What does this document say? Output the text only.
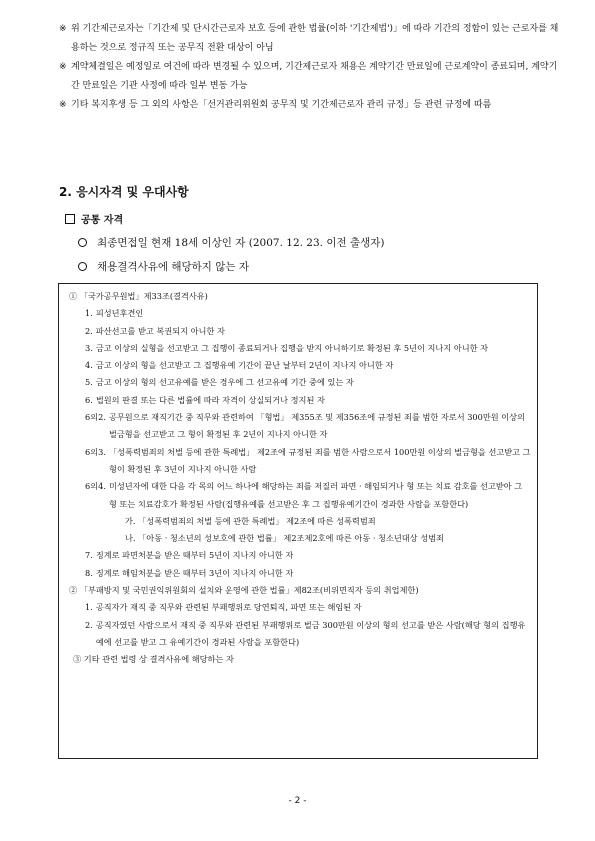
※ 위 기간제근로자는「기간제 및 단시간근로자 보호 등에 관한 법률(이하 '기간제법')」에 따라 기간의 정함이 있는 근로자를 채용하는 것으로 정규직 또는 공무직 전환 대상이 아님
※ 계약체결일은 예정일로 여건에 따라 변경될 수 있으며, 기간제근로자 채용은 계약기간 만료일에 근로계약이 종료되며, 계약기간 만료일은 기관 사정에 따라 일부 변동 가능
※ 기타 복지후생 등 그 외의 사항은「선거관리위원회 공무직 및 기간제근로자 관리 규정」등 관련 규정에 따름
2. 응시자격 및 우대사항
공통 자격
최종면접일 현재 18세 이상인 자 (2007. 12. 23. 이전 출생자)
채용결격사유에 해당하지 않는 자
① 「국가공무원법」제33조(결격사유)
1. 피성년후견인
2. 파산선고를 받고 복권되지 아니한 자
3. 금고 이상의 실형을 선고받고 그 집행이 종료되거나 집행을 받지 아니하기로 확정된 후 5년이 지나지 아니한 자
4. 금고 이상의 형을 선고받고 그 집행유예 기간이 끝난 날부터 2년이 지나지 아니한 자
5. 금고 이상의 형의 선고유예를 받은 경우에 그 선고유예 기간 중에 있는 자
6. 법원의 판결 또는 다른 법률에 따라 자격이 상실되거나 정지된 자
6의2. 공무원으로 재직기간 중 직무와 관련하여 「형법」 제355조 및 제356조에 규정된 죄를 범한 자로서 300만원 이상의 벌금형을 선고받고 그 형이 확정된 후 2년이 지나지 아니한 자
6의3. 「성폭력범죄의 처벌 등에 관한 특례법」 제2조에 규정된 죄를 범한 사람으로서 100만원 이상의 벌금형을 선고받고 그 형이 확정된 후 3년이 지나지 아니한 사람
6의4. 미성년자에 대한 다음 각 목의 어느 하나에 해당하는 죄를 저질러 파면 · 해임되거나 형 또는 치료 감호를 선고받아 그 형 또는 치료감호가 확정된 사람(집행유예를 선고받은 후 그 집행유예기간이 경과한 사람을 포함한다)
가. 「성폭력범죄의 처벌 등에 관한 특례법」 제2조에 따른 성폭력범죄
나. 「아동 · 청소년의 성보호에 관한 법률」 제2조제2호에 따른 아동 · 청소년대상 성범죄
7. 징계로 파면처분을 받은 때부터 5년이 지나지 아니한 자
8. 징계로 해임처분을 받은 때부터 3년이 지나지 아니한 자
② 「부패방지 및 국민권익위원회의 설치와 운영에 관한 법률」제82조(비위면직자 등의 취업제한)
1. 공직자가 재직 중 직무와 관련된 부패행위로 당연퇴직, 파면 또는 해임된 자
2. 공직자였던 사람으로서 재직 중 직무와 관련된 부패행위로 벌금 300만원 이상의 형의 선고를 받은 사람(해당 형의 집행유예에 선고를 받고 그 유예기간이 경과된 사람을 포함한다)
③ 기타 관련 법령 상 결격사유에 해당하는 자
- 2 -
